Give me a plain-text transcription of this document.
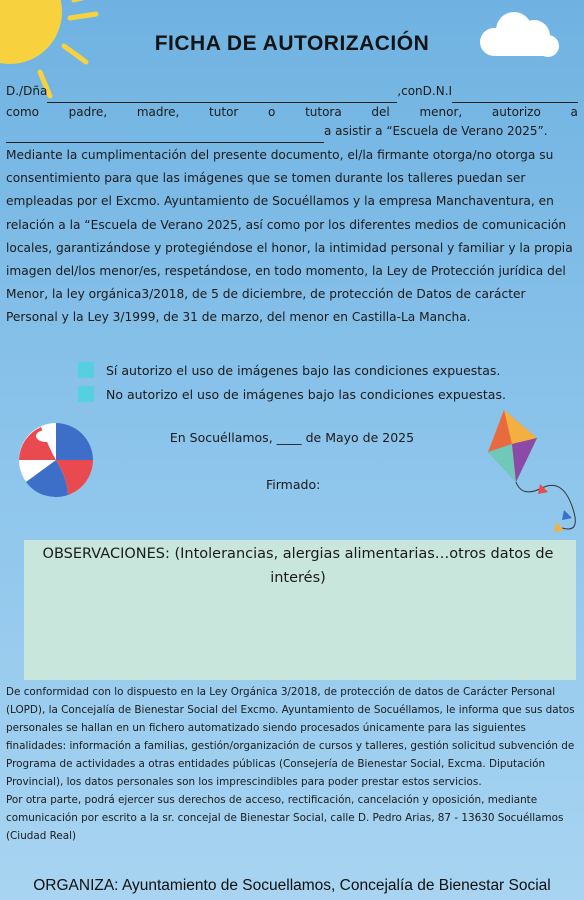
FICHA DE AUTORIZACIÓN
D./Dña	,conD.N.I
como padre, madre, tutor o tutora del menor, autorizo a
a asistir a “Escuela de Verano 2025”.
Mediante la cumplimentación del presente documento, el/la firmante otorga/no otorga su consentimiento para que las imágenes que se tomen durante los talleres puedan ser empleadas por el Excmo. Ayuntamiento de Socuéllamos y la empresa Manchaventura, en relación a la “Escuela de Verano 2025, así como por los diferentes medios de comunicación locales, garantizándose y protegiéndose el honor, la intimidad personal y familiar y la propia imagen del/los menor/es, respetándose, en todo momento, la Ley de Protección jurídica del Menor, la ley orgánica3/2018, de 5 de diciembre, de protección de Datos de carácter Personal y la Ley 3/1999, de 31 de marzo, del menor en Castilla-La Mancha.
Sí autorizo el uso de imágenes bajo las condiciones expuestas.
No autorizo el uso de imágenes bajo las condiciones expuestas.
En Socuéllamos, ____ de Mayo de 2025
Firmado:
OBSERVACIONES: (Intolerancias, alergias alimentarias…otros datos de interés)
De conformidad con lo dispuesto en la Ley Orgánica 3/2018, de protección de datos de Carácter Personal (LOPD), la Concejalía de Bienestar Social del Excmo. Ayuntamiento de Socuéllamos, le informa que sus datos personales se hallan en un fichero automatizado siendo procesados únicamente para las siguientes finalidades: información a familias, gestión/organización de cursos y talleres, gestión solicitud subvención de Programa de actividades a otras entidades públicas (Consejería de Bienestar Social, Excma. Diputación Provincial), los datos personales son los imprescindibles para poder prestar estos servicios.
Por otra parte, podrá ejercer sus derechos de acceso, rectificación, cancelación y oposición, mediante comunicación por escrito a la sr. concejal de Bienestar Social, calle D. Pedro Arias, 87 - 13630 Socuéllamos (Ciudad Real)
ORGANIZA: Ayuntamiento de Socuellamos, Concejalía de Bienestar Social
